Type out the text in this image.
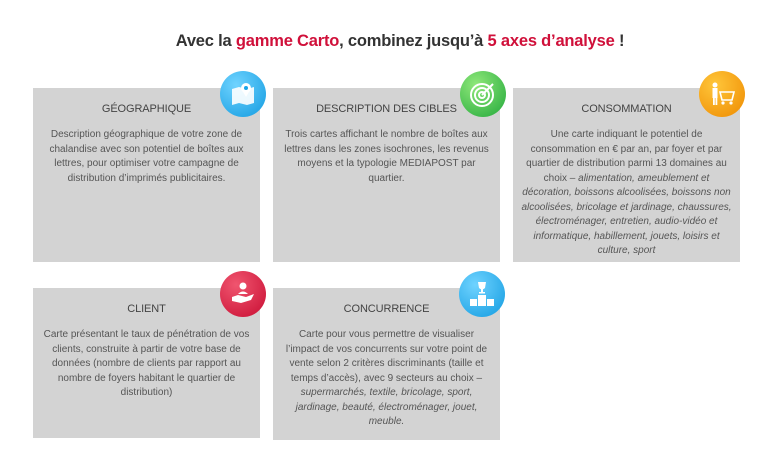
Avec la gamme Carto, combinez jusqu’à 5 axes d’analyse !
GÉOGRAPHIQUE

Description géographique de votre zone de chalandise avec son potentiel de boîtes aux lettres, pour optimiser votre campagne de distribution d’imprimés publicitaires.

DESCRIPTION DES CIBLES

Trois cartes affichant le nombre de boîtes aux lettres dans les zones isochrones, les revenus moyens et la typologie MEDIAPOST par quartier.

CONSOMMATION

Une carte indiquant le potentiel de consommation en € par an, par foyer et par quartier de distribution parmi 13 domaines au choix – alimentation, ameublement et décoration, boissons alcoolisées, boissons non alcoolisées, bricolage et jardinage, chaussures, électroménager, entretien, audio-vidéo et informatique, habillement, jouets, loisirs et culture, sport

CLIENT

Carte présentant le taux de pénétration de vos clients, construite à partir de votre base de données (nombre de clients par rapport au nombre de foyers habitant le quartier de distribution)

CONCURRENCE

Carte pour vous permettre de visualiser l’impact de vos concurrents sur votre point de vente selon 2 critères discriminants (taille et temps d’accès), avec 9 secteurs au choix – supermarchés, textile, bricolage, sport, jardinage, beauté, électroménager, jouet, meuble.
